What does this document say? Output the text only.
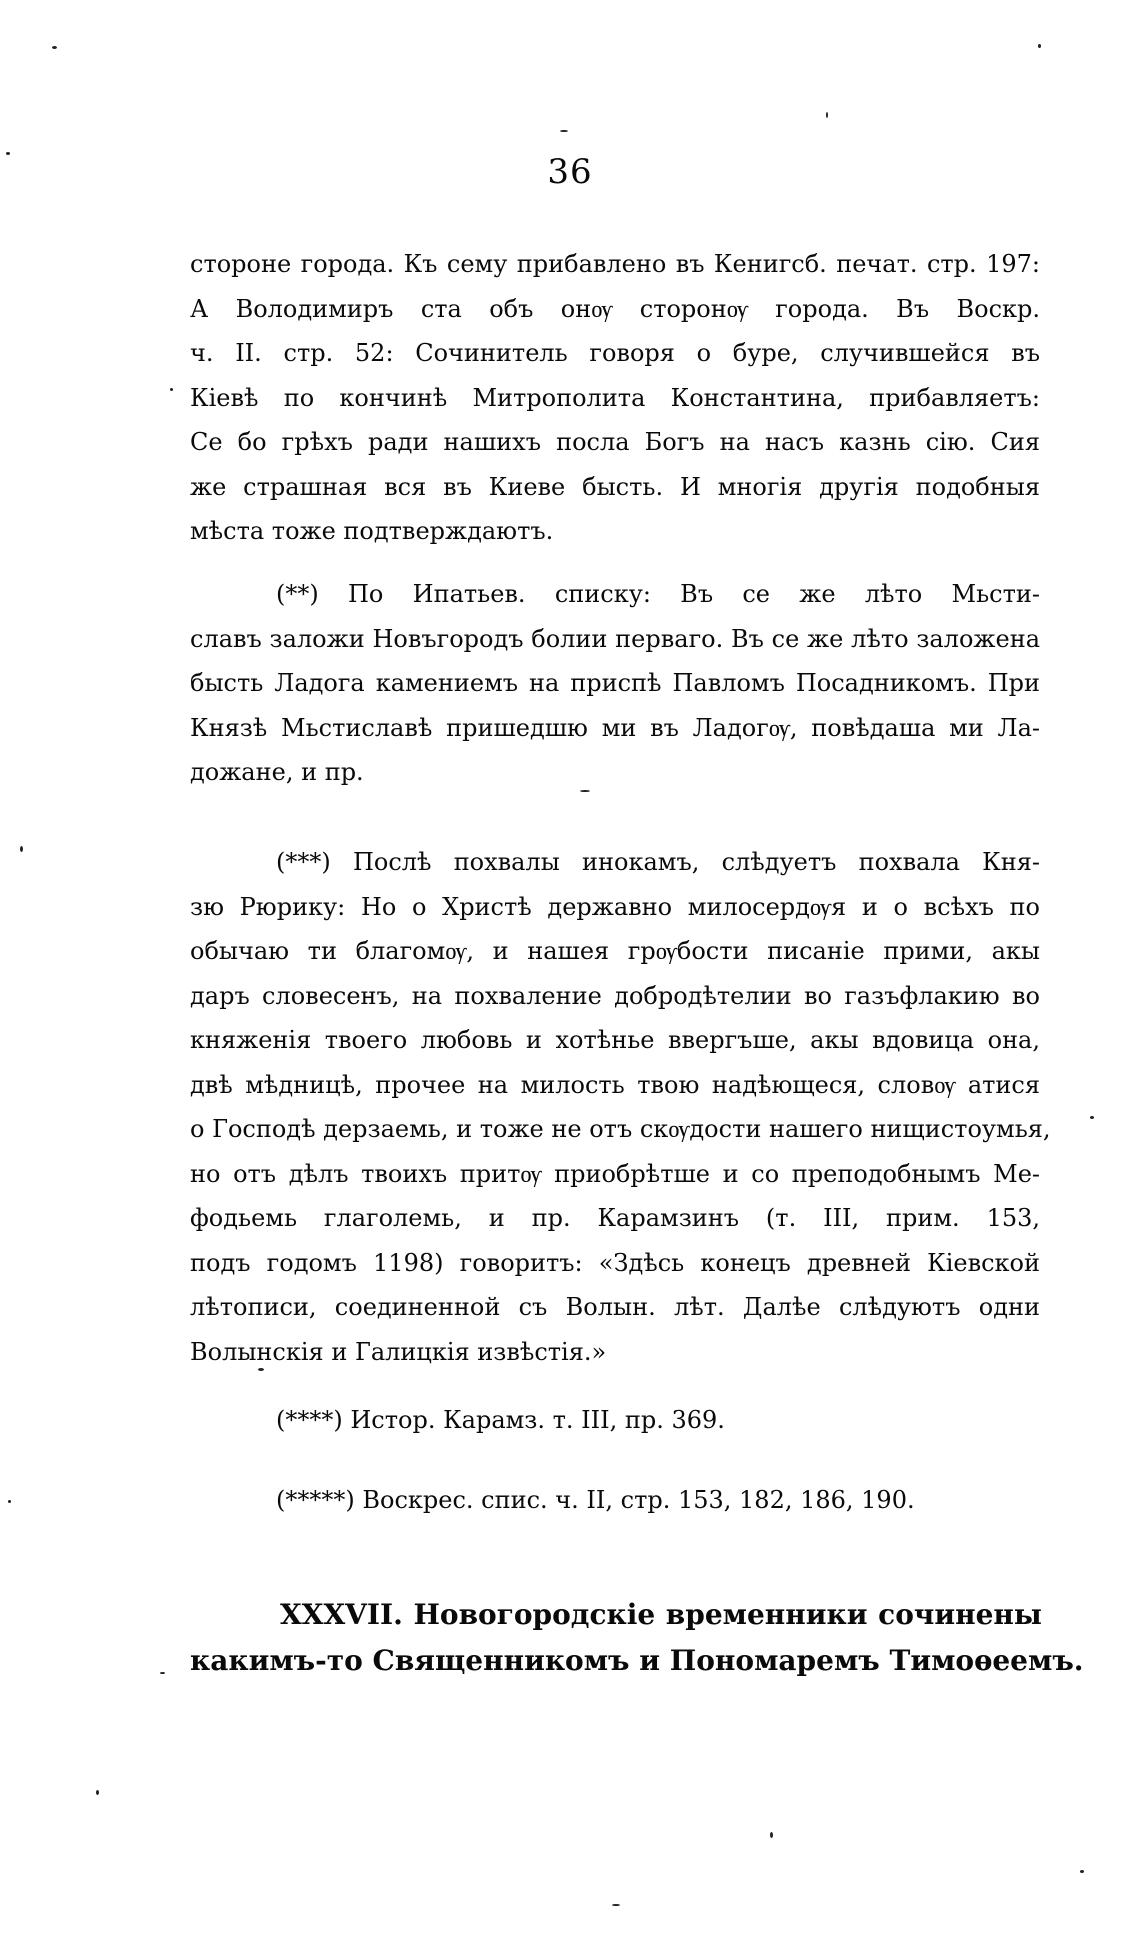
36
стороне города. Къ сему прибавлено въ Кенигсб. печат. стр. 197:
А Володимиръ ста объ онѹ сторонѹ города. Въ Воскр.
ч. II. стр. 52: Сочинитель говоря о буре, случившейся въ
Кіевѣ по кончинѣ Митрополита Константина, прибавляетъ:
Се бо грѣхъ ради нашихъ посла Богъ на насъ казнь сію. Сия
же страшная вся въ Киеве бысть. И многія другія подобныя
мѣста тоже подтверждаютъ.
(**) По Ипатьев. списку: Въ се же лѣто Мьсти-
славъ заложи Новъгородъ болии перваго. Въ се же лѣто заложена
бысть Ладога камениемъ на приспѣ Павломъ Посадникомъ. При
Князѣ Мьстиславѣ пришедшю ми въ Ладогѹ, повѣдаша ми Ла-
дожане, и пр.
(***) Послѣ похвалы инокамъ, слѣдуетъ похвала Кня-
зю Рюрику: Но о Христѣ державно милосердѹя и о всѣхъ по
обычаю ти благомѹ, и нашея грѹбости писаніе прими, акы
даръ словесенъ, на похваление добродѣтелии во газъфлакию во
княженія твоего любовь и хотѣнье ввергъше, акы вдовица она,
двѣ мѣдницѣ, прочее на милость твою надѣющеся, словѹ атися
о Господѣ дерзаемь, и тоже не отъ скѹдости нашего нищистоумья,
но отъ дѣлъ твоихъ притѹ приобрѣтше и со преподобнымъ Ме-
фодьемь глаголемь, и пр. Карамзинъ (т. III, прим. 153,
подъ годомъ 1198) говоритъ: «Здѣсь конецъ древней Кіевской
лѣтописи, соединенной съ Волын. лѣт. Далѣе слѣдуютъ одни
Волынскія и Галицкія извѣстія.»
(****) Истор. Карамз. т. III, пр. 369.
(*****) Воскрес. спис. ч. II, стр. 153, 182, 186, 190.
XXXVII. Новогородскіе временники сочинены
какимъ-то Священникомъ и Пономаремъ Тимоѳеемъ.
